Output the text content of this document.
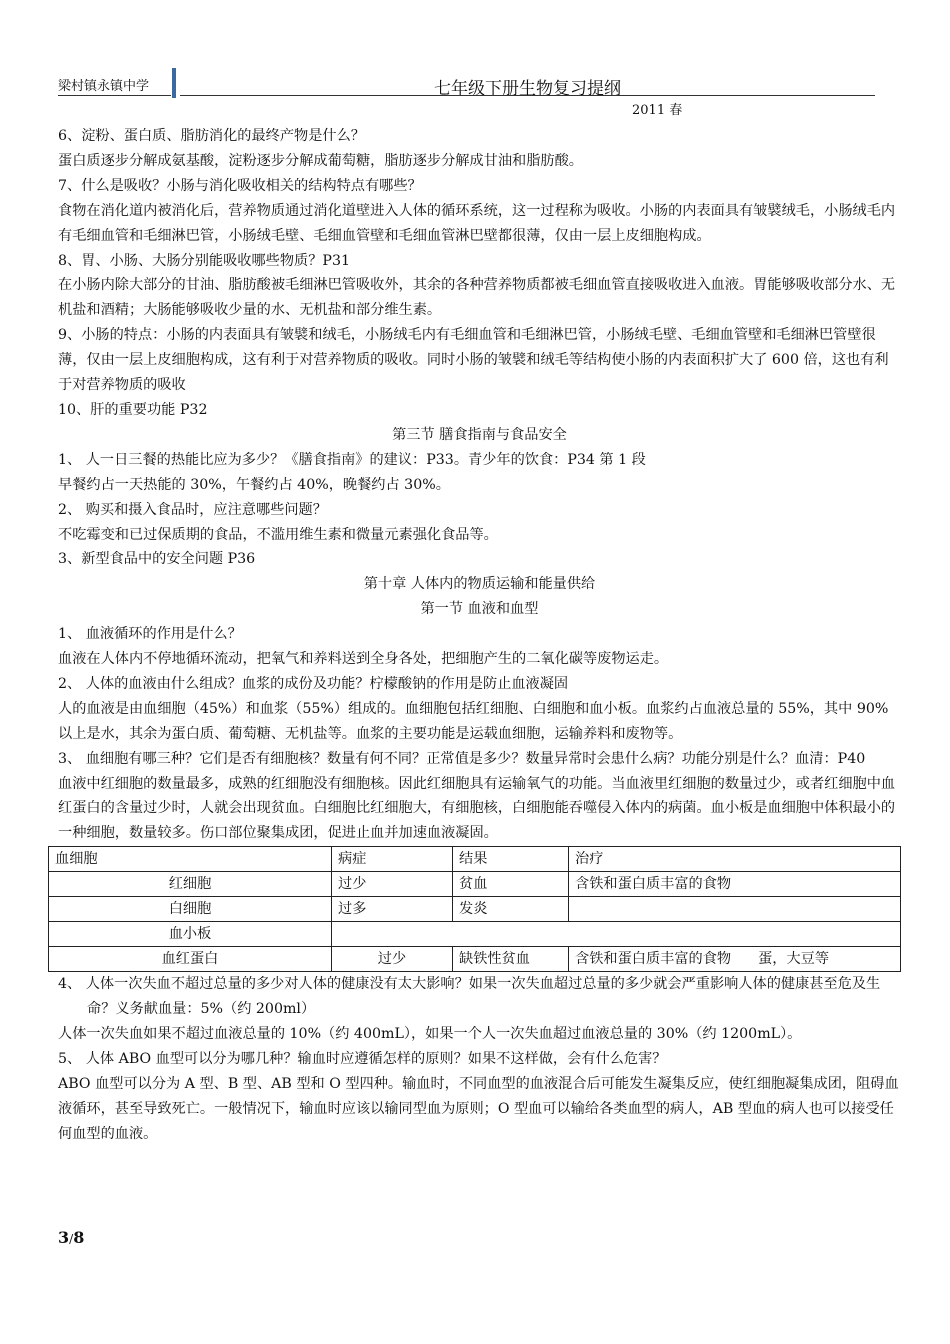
梁村镇永镇中学	七年级下册生物复习提纲
2011 春

6、淀粉、蛋白质、脂肪消化的最终产物是什么？

蛋白质逐步分解成氨基酸，淀粉逐步分解成葡萄糖，脂肪逐步分解成甘油和脂肪酸。

7、什么是吸收？小肠与消化吸收相关的结构特点有哪些？

食物在消化道内被消化后，营养物质通过消化道壁进入人体的循环系统，这一过程称为吸收。小肠的内表面具有皱襞绒毛，小肠绒毛内有毛细血管和毛细淋巴管，小肠绒毛壁、毛细血管壁和毛细血管淋巴壁都很薄，仅由一层上皮细胞构成。

8、胃、小肠、大肠分别能吸收哪些物质？P31

在小肠内除大部分的甘油、脂肪酸被毛细淋巴管吸收外，其余的各种营养物质都被毛细血管直接吸收进入血液。胃能够吸收部分水、无机盐和酒精；大肠能够吸收少量的水、无机盐和部分维生素。

9、小肠的特点：小肠的内表面具有皱襞和绒毛，小肠绒毛内有毛细血管和毛细淋巴管，小肠绒毛壁、毛细血管壁和毛细淋巴管壁很薄，仅由一层上皮细胞构成，这有利于对营养物质的吸收。同时小肠的皱襞和绒毛等结构使小肠的内表面积扩大了 600 倍，这也有利于对营养物质的吸收

10、肝的重要功能 P32

第三节 膳食指南与食品安全

1、 人一日三餐的热能比应为多少？《膳食指南》的建议：P33。青少年的饮食：P34 第 1 段

早餐约占一天热能的 30%，午餐约占 40%，晚餐约占 30%。

2、 购买和摄入食品时，应注意哪些问题？

不吃霉变和已过保质期的食品，不滥用维生素和微量元素强化食品等。

3、新型食品中的安全问题 P36

第十章 人体内的物质运输和能量供给

第一节 血液和血型

1、 血液循环的作用是什么？

血液在人体内不停地循环流动，把氧气和养料送到全身各处，把细胞产生的二氧化碳等废物运走。

2、 人体的血液由什么组成？血浆的成份及功能？柠檬酸钠的作用是防止血液凝固

人的血液是由血细胞（45%）和血浆（55%）组成的。血细胞包括红细胞、白细胞和血小板。血浆约占血液总量的 55%，其中 90%以上是水，其余为蛋白质、葡萄糖、无机盐等。血浆的主要功能是运载血细胞，运输养料和废物等。

3、 血细胞有哪三种？它们是否有细胞核？数量有何不同？正常值是多少？数量异常时会患什么病？功能分别是什么？血清：P40

血液中红细胞的数量最多，成熟的红细胞没有细胞核。因此红细胞具有运输氧气的功能。当血液里红细胞的数量过少，或者红细胞中血红蛋白的含量过少时，人就会出现贫血。白细胞比红细胞大，有细胞核，白细胞能吞噬侵入体内的病菌。血小板是血细胞中体积最小的一种细胞，数量较多。伤口部位聚集成团，促进止血并加速血液凝固。

血细胞	病症	结果	治疗
红细胞	过少	贫血	含铁和蛋白质丰富的食物
白细胞	过多	发炎	
血小板			
血红蛋白	过少	缺铁性贫血	含铁和蛋白质丰富的食物      蛋，大豆等

4、 人体一次失血不超过总量的多少对人体的健康没有太大影响？如果一次失血超过总量的多少就会严重影响人体的健康甚至危及生命？义务献血量：5%（约 200ml）

人体一次失血如果不超过血液总量的 10%（约 400mL），如果一个人一次失血超过血液总量的 30%（约 1200mL）。

5、 人体 ABO 血型可以分为哪几种？输血时应遵循怎样的原则？如果不这样做，会有什么危害？

ABO 血型可以分为 A 型、B 型、AB 型和 O 型四种。输血时，不同血型的血液混合后可能发生凝集反应，使红细胞凝集成团，阻碍血液循环，甚至导致死亡。一般情况下，输血时应该以输同型血为原则；O 型血可以输给各类血型的病人，AB 型血的病人也可以接受任何血型的血液。

3/8
